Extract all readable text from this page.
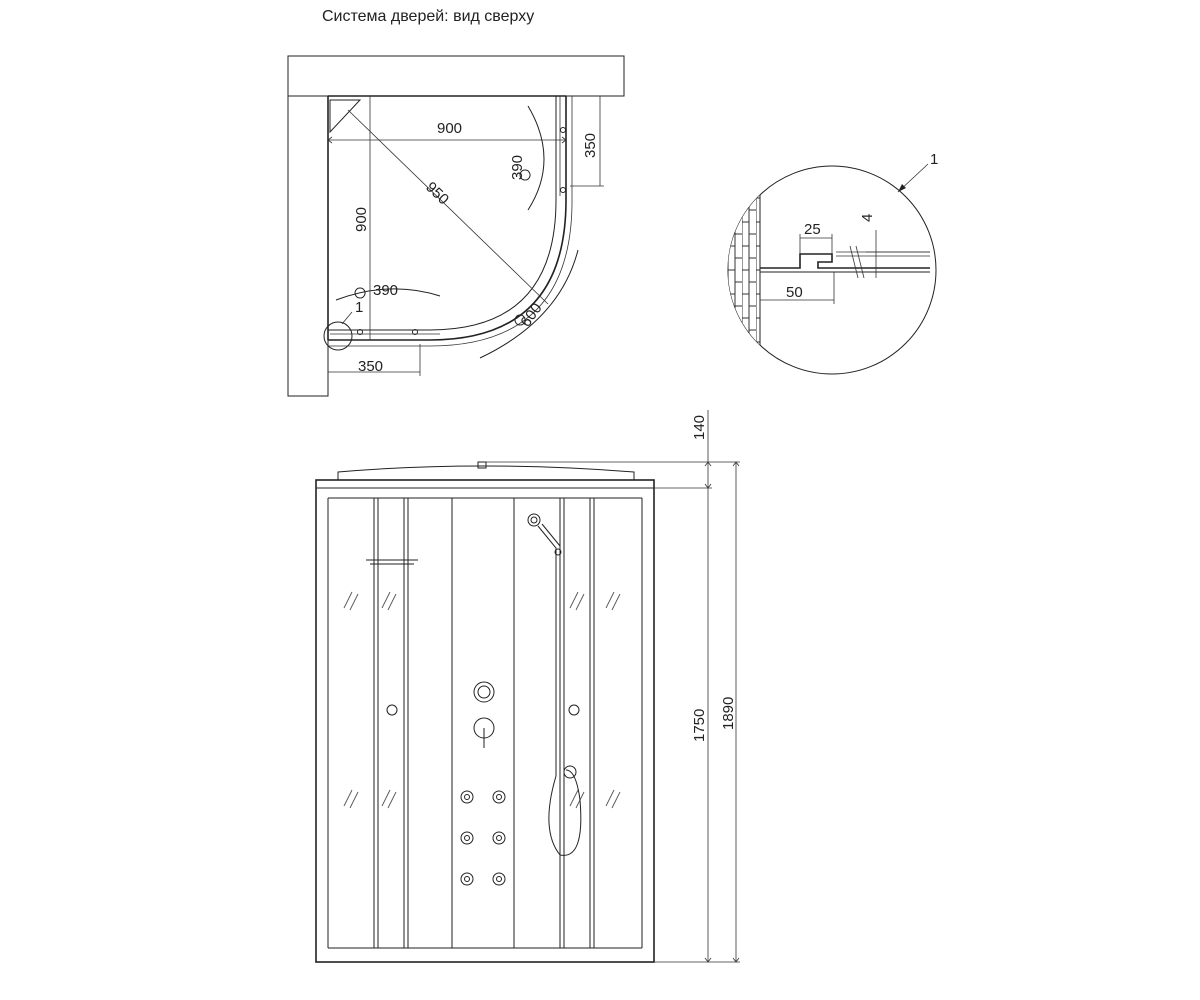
Система дверей: вид сверху
900
900
950
350
390
350
390
600
1
25
4
50
1
140
1750 1890
